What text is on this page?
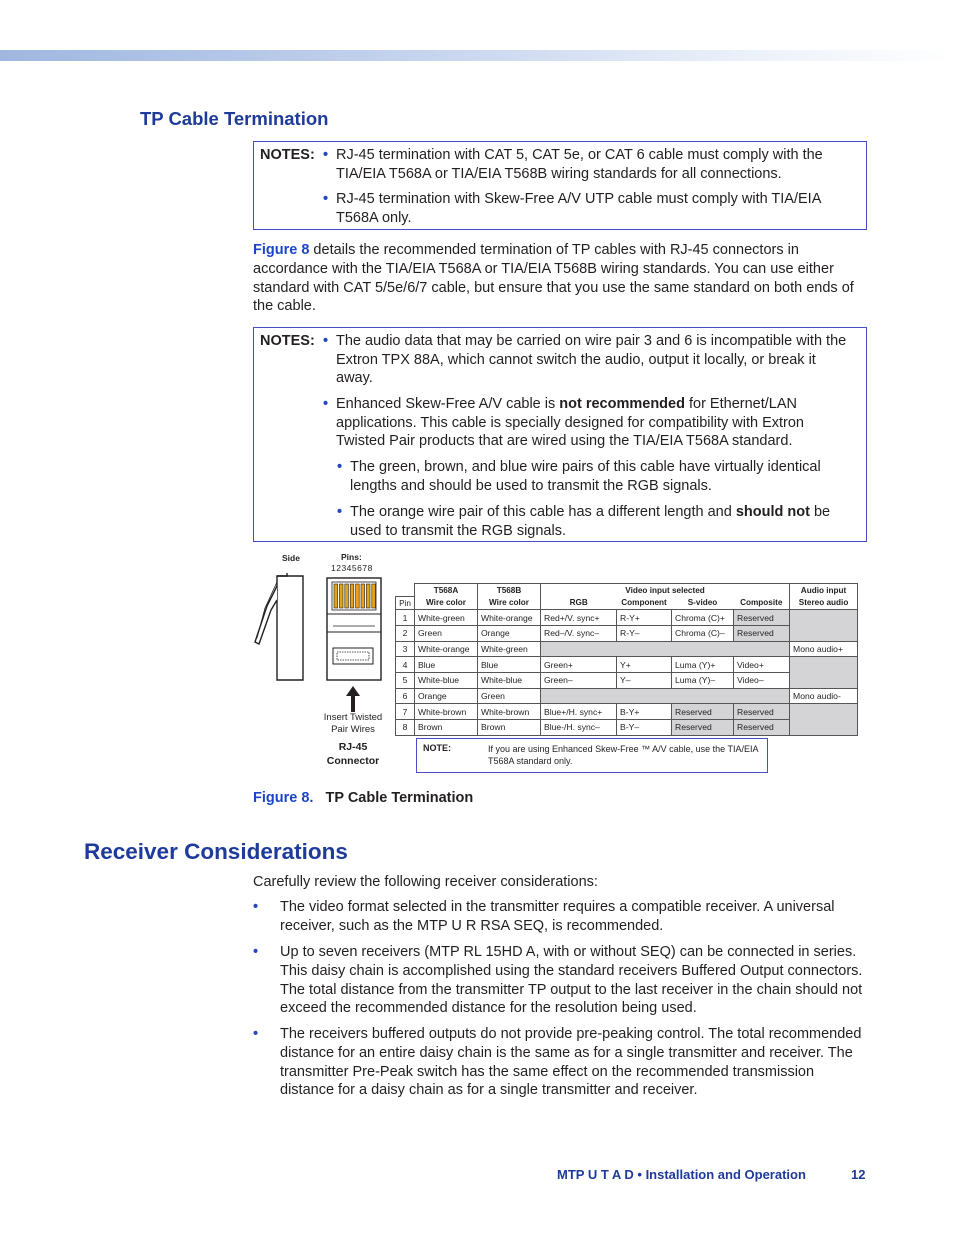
TP Cable Termination
NOTES: • RJ-45 termination with CAT 5, CAT 5e, or CAT 6 cable must comply with the TIA/EIA T568A or TIA/EIA T568B wiring standards for all connections.
• RJ-45 termination with Skew-Free A/V UTP cable must comply with TIA/EIA T568A only.
Figure 8 details the recommended termination of TP cables with RJ-45 connectors in accordance with the TIA/EIA T568A or TIA/EIA T568B wiring standards. You can use either standard with CAT 5/5e/6/7 cable, but ensure that you use the same standard on both ends of the cable.
NOTES: • The audio data that may be carried on wire pair 3 and 6 is incompatible with the Extron TPX 88A, which cannot switch the audio, output it locally, or break it away.
• Enhanced Skew-Free A/V cable is not recommended for Ethernet/LAN applications. This cable is specially designed for compatibility with Extron Twisted Pair products that are wired using the TIA/EIA T568A standard.
• The green, brown, and blue wire pairs of this cable have virtually identical lengths and should be used to transmit the RGB signals.
• The orange wire pair of this cable has a different length and should not be used to transmit the RGB signals.
Side	Pins:
12345678
Insert Twisted
Pair Wires
RJ-45
Connector
	T568A	T568B	Video input selected				Audio input
Pin	Wire color	Wire color	RGB	Component	S-video	Composite	Stereo audio
1	White-green	White-orange	Red+/V. sync+	R-Y+	Chroma (C)+	Reserved	
2	Green	Orange	Red–/V. sync–	R-Y–	Chroma (C)–	Reserved	
3	White-orange	White-green					Mono audio+
4	Blue	Blue	Green+	Y+	Luma (Y)+	Video+	
5	White-blue	White-blue	Green–	Y–	Luma (Y)–	Video–	
6	Orange	Green					Mono audio-
7	White-brown	White-brown	Blue+/H. sync+	B-Y+	Reserved	Reserved	
8	Brown	Brown	Blue-/H. sync–	B-Y–	Reserved	Reserved	
NOTE:	If you are using Enhanced Skew-Free ™ A/V cable, use the TIA/EIA T568A standard only.
Figure 8. TP Cable Termination
Receiver Considerations
Carefully review the following receiver considerations:
• The video format selected in the transmitter requires a compatible receiver. A universal receiver, such as the MTP U R RSA SEQ, is recommended.
• Up to seven receivers (MTP RL 15HD A, with or without SEQ) can be connected in series. This daisy chain is accomplished using the standard receivers Buffered Output connectors. The total distance from the transmitter TP output to the last receiver in the chain should not exceed the recommended distance for the resolution being used.
• The receivers buffered outputs do not provide pre-peaking control. The total recommended distance for an entire daisy chain is the same as for a single transmitter and receiver. The transmitter Pre-Peak switch has the same effect on the recommended transmission distance for a daisy chain as for a single transmitter and receiver.
MTP U T A D • Installation and Operation	12
